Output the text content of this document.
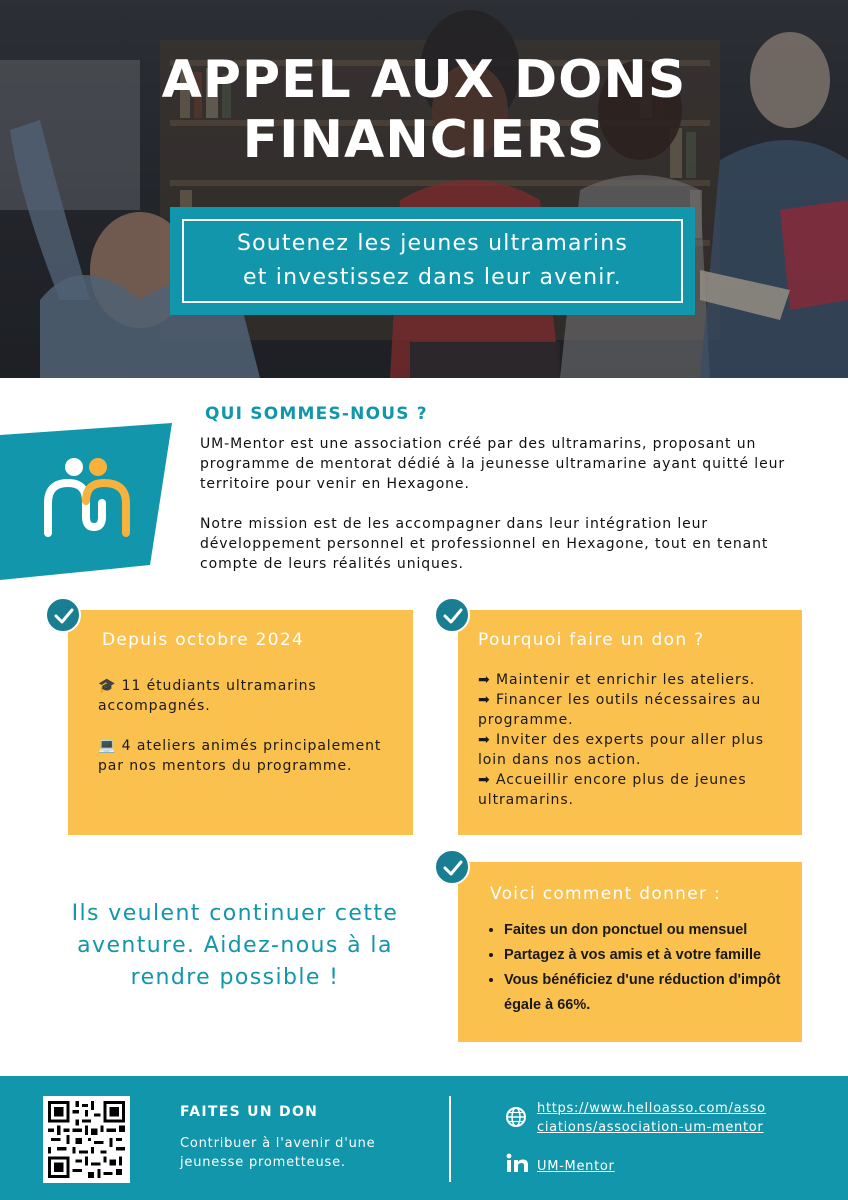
APPEL AUX DONS
FINANCIERS
Soutenez les jeunes ultramarins
et investissez dans leur avenir.
QUI SOMMES-NOUS ?

UM-Mentor est une association créé par des ultramarins, proposant un programme de mentorat dédié à la jeunesse ultramarine ayant quitté leur territoire pour venir en Hexagone.

Notre mission est de les accompagner dans leur intégration leur développement personnel et professionnel en Hexagone, tout en tenant compte de leurs réalités uniques.

Depuis octobre 2024

🎓 11 étudiants ultramarins accompagnés.

💻 4 ateliers animés principalement par nos mentors du programme.

Pourquoi faire un don ?

➡ Maintenir et enrichir les ateliers.

➡ Financer les outils nécessaires au programme.

➡ Inviter des experts pour aller plus loin dans nos action.

➡ Accueillir encore plus de jeunes ultramarins.

Ils veulent continuer cette aventure. Aidez-nous à la rendre possible !
Voici comment donner :
• Faites un don ponctuel ou mensuel
• Partagez à vos amis et à votre famille
• Vous bénéficiez d'une réduction d'impôt égale à 66%.
FAITES UN DON
Contribuer à l'avenir d'une jeunesse prometteuse.
https://www.helloasso.com/associations/association-um-mentor
UM-Mentor
